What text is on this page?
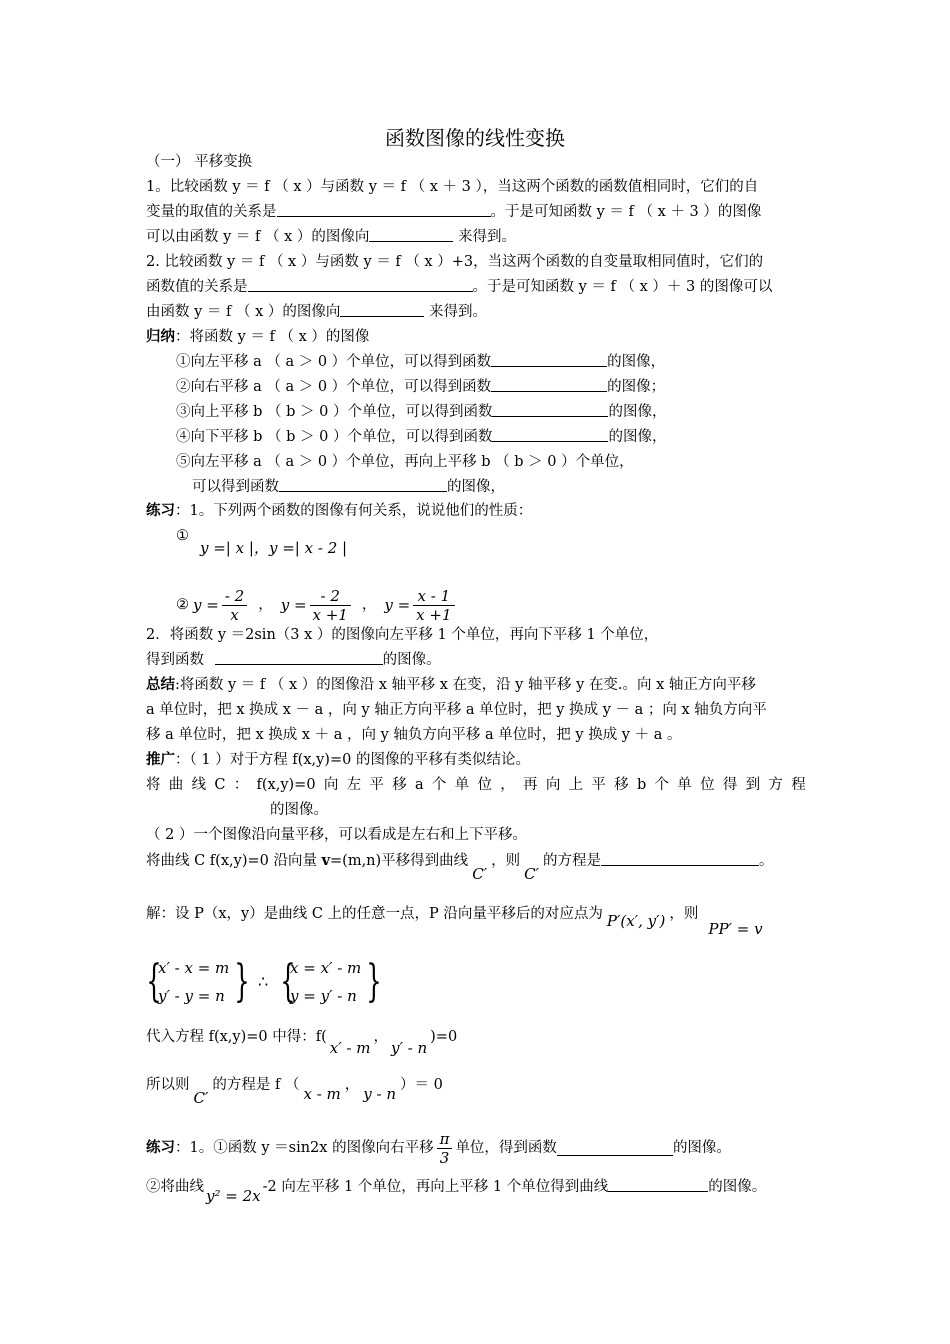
函数图像的线性变换
（一） 平移变换
1。比较函数 y ＝ f （ x ）与函数 y ＝ f （ x ＋ 3 ），当这两个函数的函数值相同时，它们的自
变量的取值的关系是	。于是可知函数 y ＝ f （ x ＋ 3 ）的图像
可以由函数 y ＝ f （ x ）的图像向	来得到。
2. 比较函数 y ＝ f （ x ）与函数 y ＝ f （ x ）+3，当这两个函数的自变量取相同值时，它们的
函数值的关系是	。于是可知函数 y ＝ f （ x ）＋ 3 的图像可以
由函数 y ＝ f （ x ）的图像向	来得到。
归纳：将函数 y ＝ f （ x ）的图像
①向左平移 a （ a ＞ 0 ）个单位，可以得到函数	的图像，
②向右平移 a （ a ＞ 0 ）个单位，可以得到函数	的图像；
③向上平移 b （ b ＞ 0 ）个单位，可以得到函数	的图像，
④向下平移 b （ b ＞ 0 ）个单位，可以得到函数	的图像，
⑤向左平移 a （ a ＞ 0 ）个单位，再向上平移 b （ b ＞ 0 ）个单位，
可以得到函数	的图像，
练习：1。下列两个函数的图像有何关系，说说他们的性质：
①
y =| x |， y =| x - 2 |
② $y = \frac{- 2}{x}$ ， $y = \frac{- 2}{x +1}$ ， $y = \frac{x - 1}{x +1}$
2．将函数 y ＝2sin（3 x ）的图像向左平移 1 个单位，再向下平移 1 个单位，
得到函数	的图像。
总结:将函数 y ＝ f （ x ）的图像沿 x 轴平移 x 在变，沿 y 轴平移 y 在变.。向 x 轴正方向平移
a 单位时，把 x 换成 x － a ，向 y 轴正方向平移 a 单位时，把 y 换成 y － a ；向 x 轴负方向平
移 a 单位时，把 x 换成 x ＋ a ，向 y 轴负方向平移 a 单位时，把 y 换成 y ＋ a 。
推广：（ 1 ）对于方程 f(x,y)=0 的图像的平移有类似结论。
将 曲 线 C ： f(x,y)=0 向 左 平 移 a 个 单 位 ， 再 向 上 平 移 b 个 单 位 得 到 方 程
的图像。
（ 2 ）一个图像沿向量平移，可以看成是左右和上下平移。
将曲线 C f(x,y)=0 沿向量 v=(m,n)平移得到曲线C′，则C′的方程是	。
解：设 P（x，y）是曲线 C 上的任意一点，P 沿向量平移后的对应点为 P′(x′, y′) ，则PP′ = v
{
x′ - x = m
y′ - y = n } ∴ {
x = x′ - m
y = y′ - n }
代入方程 f(x,y)=0 中得：f(x′ - m，y′ - n)=0
所以则C′的方程是 f （ x - m ， y - n ）＝ 0
练习 ：1。①函数 y ＝sin2x 的图像向右平移 $\frac{\pi}{3}$ 单位，得到函数	的图像。
②将曲线 y² = 2x -2 向左平移 1 个单位，再向上平移 1 个单位得到曲线	的图像。
